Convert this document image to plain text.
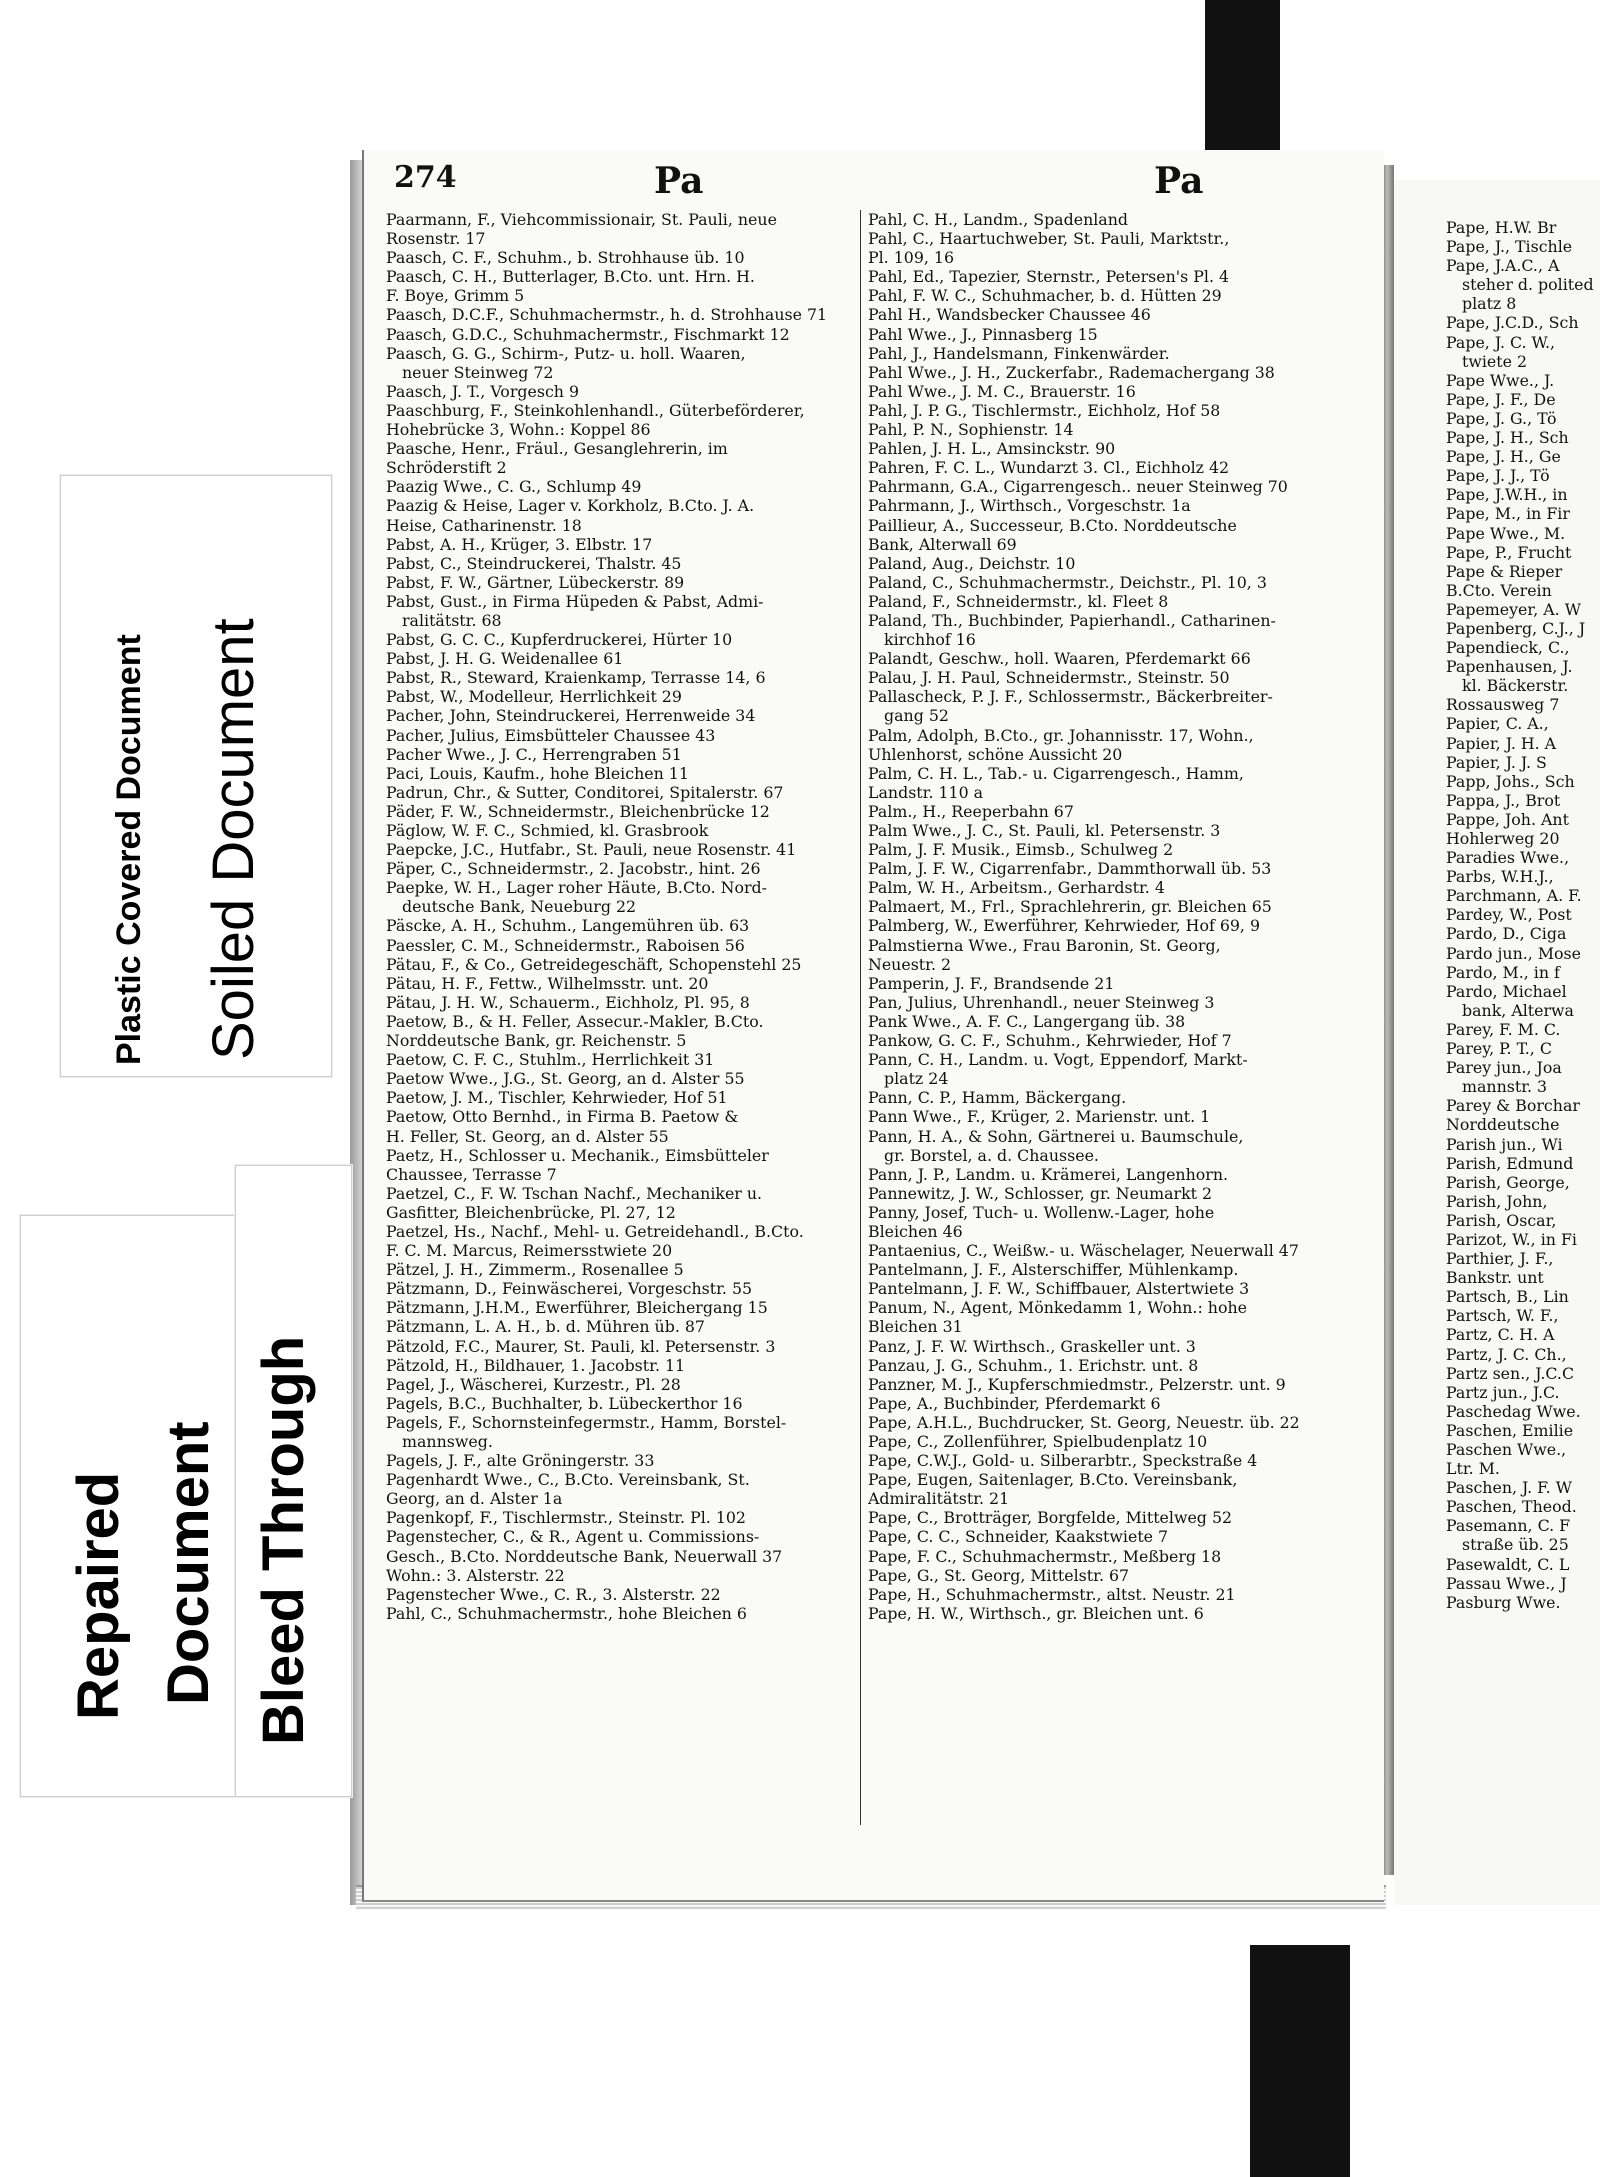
Pape, H.W. Br
Pape, J., Tischle
Pape, J.A.C., A
steher d. polited
platz 8
Pape, J.C.D., Sch
Pape, J. C. W.,
twiete 2
Pape Wwe., J.
Pape, J. F., De
Pape, J. G., Tö
Pape, J. H., Sch
Pape, J. H., Ge
Pape, J. J., Tö
Pape, J.W.H., in
Pape, M., in Fir
Pape Wwe., M.
Pape, P., Frucht
Pape & Rieper
B.Cto. Verein
Papemeyer, A. W
Papenberg, C.J., J
Papendieck, C.,
Papenhausen, J.
kl. Bäckerstr.
Rossausweg 7
Papier, C. A.,
Papier, J. H. A
Papier, J. J. S
Papp, Johs., Sch
Pappa, J., Brot
Pappe, Joh. Ant
Hohlerweg 20
Paradies Wwe.,
Parbs, W.H.J.,
Parchmann, A. F.
Pardey, W., Post
Pardo, D., Ciga
Pardo jun., Mose
Pardo, M., in f
Pardo, Michael
bank, Alterwa
Parey, F. M. C.
Parey, P. T., C
Parey jun., Joa
mannstr. 3
Parey & Borchar
Norddeutsche
Parish jun., Wi
Parish, Edmund
Parish, George,
Parish, John,
Parish, Oscar,
Parizot, W., in Fi
Parthier, J. F.,
Bankstr. unt
Partsch, B., Lin
Partsch, W. F.,
Partz, C. H. A
Partz, J. C. Ch.,
Partz sen., J.C.C
Partz jun., J.C.
Paschedag Wwe.
Paschen, Emilie
Paschen Wwe.,
Ltr. M.
Paschen, J. F. W
Paschen, Theod.
Pasemann, C. F
straße üb. 25
Pasewaldt, C. L
Passau Wwe., J
Pasburg Wwe.
274	Pa	Pa
Paarmann, F., Viehcommissionair, St. Pauli, neue
Rosenstr. 17
Paasch, C. F., Schuhm., b. Strohhause üb. 10
Paasch, C. H., Butterlager, B.Cto. unt. Hrn. H.
F. Boye, Grimm 5
Paasch, D.C.F., Schuhmachermstr., h. d. Strohhause 71
Paasch, G.D.C., Schuhmachermstr., Fischmarkt 12
Paasch, G. G., Schirm-, Putz- u. holl. Waaren,
neuer Steinweg 72
Paasch, J. T., Vorgesch 9
Paaschburg, F., Steinkohlenhandl., Güterbeförderer,
Hohebrücke 3, Wohn.: Koppel 86
Paasche, Henr., Fräul., Gesanglehrerin, im
Schröderstift 2
Paazig Wwe., C. G., Schlump 49
Paazig & Heise, Lager v. Korkholz, B.Cto. J. A.
Heise, Catharinenstr. 18
Pabst, A. H., Krüger, 3. Elbstr. 17
Pabst, C., Steindruckerei, Thalstr. 45
Pabst, F. W., Gärtner, Lübeckerstr. 89
Pabst, Gust., in Firma Hüpeden & Pabst, Admi-
ralitätstr. 68
Pabst, G. C. C., Kupferdruckerei, Hürter 10
Pabst, J. H. G. Weidenallee 61
Pabst, R., Steward, Kraienkamp, Terrasse 14, 6
Pabst, W., Modelleur, Herrlichkeit 29
Pacher, John, Steindruckerei, Herrenweide 34
Pacher, Julius, Eimsbütteler Chaussee 43
Pacher Wwe., J. C., Herrengraben 51
Paci, Louis, Kaufm., hohe Bleichen 11
Padrun, Chr., & Sutter, Conditorei, Spitalerstr. 67
Päder, F. W., Schneidermstr., Bleichenbrücke 12
Päglow, W. F. C., Schmied, kl. Grasbrook
Paepcke, J.C., Hutfabr., St. Pauli, neue Rosenstr. 41
Päper, C., Schneidermstr., 2. Jacobstr., hint. 26
Paepke, W. H., Lager roher Häute, B.Cto. Nord-
deutsche Bank, Neueburg 22
Päscke, A. H., Schuhm., Langemühren üb. 63
Paessler, C. M., Schneidermstr., Raboisen 56
Pätau, F., & Co., Getreidegeschäft, Schopenstehl 25
Pätau, H. F., Fettw., Wilhelmsstr. unt. 20
Pätau, J. H. W., Schauerm., Eichholz, Pl. 95, 8
Paetow, B., & H. Feller, Assecur.-Makler, B.Cto.
Norddeutsche Bank, gr. Reichenstr. 5
Paetow, C. F. C., Stuhlm., Herrlichkeit 31
Paetow Wwe., J.G., St. Georg, an d. Alster 55
Paetow, J. M., Tischler, Kehrwieder, Hof 51
Paetow, Otto Bernhd., in Firma B. Paetow &
H. Feller, St. Georg, an d. Alster 55
Paetz, H., Schlosser u. Mechanik., Eimsbütteler
Chaussee, Terrasse 7
Paetzel, C., F. W. Tschan Nachf., Mechaniker u.
Gasfitter, Bleichenbrücke, Pl. 27, 12
Paetzel, Hs., Nachf., Mehl- u. Getreidehandl., B.Cto.
F. C. M. Marcus, Reimersstwiete 20
Pätzel, J. H., Zimmerm., Rosenallee 5
Pätzmann, D., Feinwäscherei, Vorgeschstr. 55
Pätzmann, J.H.M., Ewerführer, Bleichergang 15
Pätzmann, L. A. H., b. d. Mühren üb. 87
Pätzold, F.C., Maurer, St. Pauli, kl. Petersenstr. 3
Pätzold, H., Bildhauer, 1. Jacobstr. 11
Pagel, J., Wäscherei, Kurzestr., Pl. 28
Pagels, B.C., Buchhalter, b. Lübeckerthor 16
Pagels, F., Schornsteinfegermstr., Hamm, Borstel-
mannsweg.
Pagels, J. F., alte Gröningerstr. 33
Pagenhardt Wwe., C., B.Cto. Vereinsbank, St.
Georg, an d. Alster 1a
Pagenkopf, F., Tischlermstr., Steinstr. Pl. 102
Pagenstecher, C., & R., Agent u. Commissions-
Gesch., B.Cto. Norddeutsche Bank, Neuerwall 37
Wohn.: 3. Alsterstr. 22
Pagenstecher Wwe., C. R., 3. Alsterstr. 22
Pahl, C., Schuhmachermstr., hohe Bleichen 6
Pahl, C. H., Landm., Spadenland
Pahl, C., Haartuchweber, St. Pauli, Marktstr.,
Pl. 109, 16
Pahl, Ed., Tapezier, Sternstr., Petersen's Pl. 4
Pahl, F. W. C., Schuhmacher, b. d. Hütten 29
Pahl H., Wandsbecker Chaussee 46
Pahl Wwe., J., Pinnasberg 15
Pahl, J., Handelsmann, Finkenwärder.
Pahl Wwe., J. H., Zuckerfabr., Rademachergang 38
Pahl Wwe., J. M. C., Brauerstr. 16
Pahl, J. P. G., Tischlermstr., Eichholz, Hof 58
Pahl, P. N., Sophienstr. 14
Pahlen, J. H. L., Amsinckstr. 90
Pahren, F. C. L., Wundarzt 3. Cl., Eichholz 42
Pahrmann, G.A., Cigarrengesch.. neuer Steinweg 70
Pahrmann, J., Wirthsch., Vorgeschstr. 1a
Paillieur, A., Successeur, B.Cto. Norddeutsche
Bank, Alterwall 69
Paland, Aug., Deichstr. 10
Paland, C., Schuhmachermstr., Deichstr., Pl. 10, 3
Paland, F., Schneidermstr., kl. Fleet 8
Paland, Th., Buchbinder, Papierhandl., Catharinen-
kirchhof 16
Palandt, Geschw., holl. Waaren, Pferdemarkt 66
Palau, J. H. Paul, Schneidermstr., Steinstr. 50
Pallascheck, P. J. F., Schlossermstr., Bäckerbreiter-
gang 52
Palm, Adolph, B.Cto., gr. Johannisstr. 17, Wohn.,
Uhlenhorst, schöne Aussicht 20
Palm, C. H. L., Tab.- u. Cigarrengesch., Hamm,
Landstr. 110 a
Palm., H., Reeperbahn 67
Palm Wwe., J. C., St. Pauli, kl. Petersenstr. 3
Palm, J. F. Musik., Eimsb., Schulweg 2
Palm, J. F. W., Cigarrenfabr., Dammthorwall üb. 53
Palm, W. H., Arbeitsm., Gerhardstr. 4
Palmaert, M., Frl., Sprachlehrerin, gr. Bleichen 65
Palmberg, W., Ewerführer, Kehrwieder, Hof 69, 9
Palmstierna Wwe., Frau Baronin, St. Georg,
Neuestr. 2
Pamperin, J. F., Brandsende 21
Pan, Julius, Uhrenhandl., neuer Steinweg 3
Pank Wwe., A. F. C., Langergang üb. 38
Pankow, G. C. F., Schuhm., Kehrwieder, Hof 7
Pann, C. H., Landm. u. Vogt, Eppendorf, Markt-
platz 24
Pann, C. P., Hamm, Bäckergang.
Pann Wwe., F., Krüger, 2. Marienstr. unt. 1
Pann, H. A., & Sohn, Gärtnerei u. Baumschule,
gr. Borstel, a. d. Chaussee.
Pann, J. P., Landm. u. Krämerei, Langenhorn.
Pannewitz, J. W., Schlosser, gr. Neumarkt 2
Panny, Josef, Tuch- u. Wollenw.-Lager, hohe
Bleichen 46
Pantaenius, C., Weißw.- u. Wäschelager, Neuerwall 47
Pantelmann, J. F., Alsterschiffer, Mühlenkamp.
Pantelmann, J. F. W., Schiffbauer, Alstertwiete 3
Panum, N., Agent, Mönkedamm 1, Wohn.: hohe
Bleichen 31
Panz, J. F. W. Wirthsch., Graskeller unt. 3
Panzau, J. G., Schuhm., 1. Erichstr. unt. 8
Panzner, M. J., Kupferschmiedmstr., Pelzerstr. unt. 9
Pape, A., Buchbinder, Pferdemarkt 6
Pape, A.H.L., Buchdrucker, St. Georg, Neuestr. üb. 22
Pape, C., Zollenführer, Spielbudenplatz 10
Pape, C.W.J., Gold- u. Silberarbtr., Speckstraße 4
Pape, Eugen, Saitenlager, B.Cto. Vereinsbank,
Admiralitätstr. 21
Pape, C., Brotträger, Borgfelde, Mittelweg 52
Pape, C. C., Schneider, Kaakstwiete 7
Pape, F. C., Schuhmachermstr., Meßberg 18
Pape, G., St. Georg, Mittelstr. 67
Pape, H., Schuhmachermstr., altst. Neustr. 21
Pape, H. W., Wirthsch., gr. Bleichen unt. 6
Plastic Covered Document Soiled Document
Repaired Document Bleed Through
